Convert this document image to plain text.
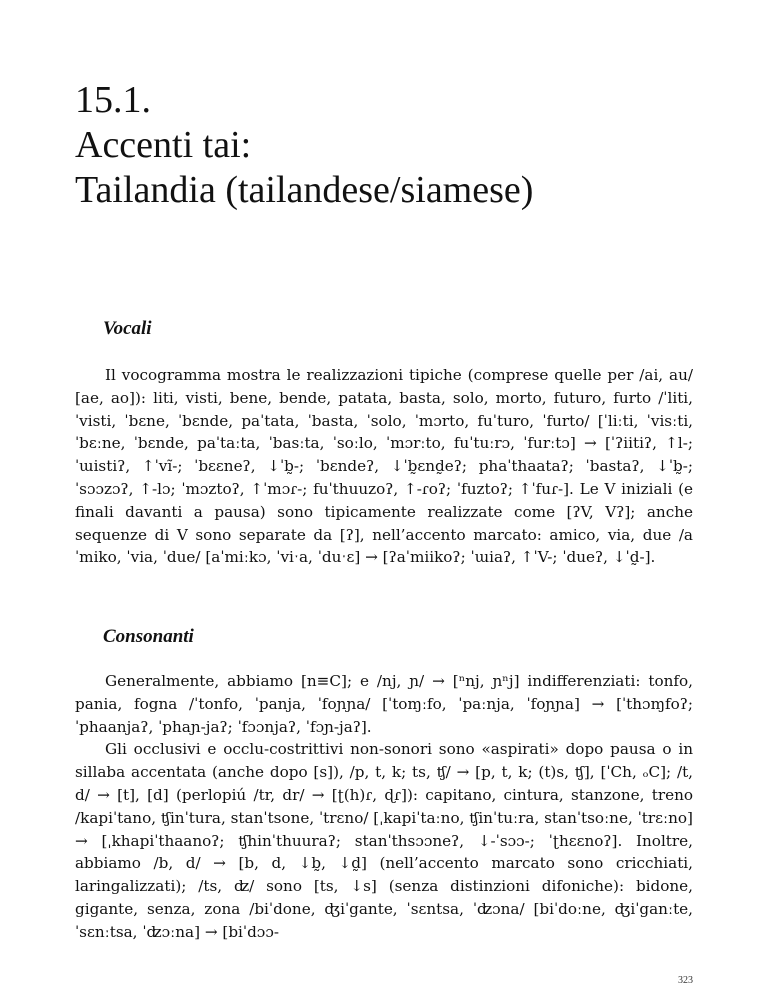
15.1.
Accenti tai:
Tailandia (tailandese/siamese)
Vocali

Il vocogramma mostra le realizzazioni tipiche (comprese quelle per /ai, au/ [ae, ao]): liti, visti, bene, bende, patata, basta, solo, morto, futuro, furto /ˈliti, ˈvisti, ˈbɛne, ˈbɛnde, paˈtata, ˈbasta, ˈsolo, ˈmɔrto, fuˈturo, ˈfurto/ [ˈliːti, ˈvisːti, ˈbɛːne, ˈbɛnde, paˈtaːta, ˈbasːta, ˈsoːlo, ˈmɔrːto, fuˈtuːrɔ, ˈfurːtɔ] → [ˈʔiitiʔ, ↑l-; ˈɯistiʔ, ↑ˈvĩ-; ˈbɛɛneʔ, ↓ˈb̰-; ˈbɛndeʔ, ↓ˈb̰ɛnd̰eʔ; phaˈthaataʔ; ˈbastaʔ, ↓ˈb̰-; ˈsɔɔzɔʔ, ↑-lɔ; ˈmɔztoʔ, ↑ˈmɔɾ-; fuˈthuuzoʔ, ↑-ɾoʔ; ˈfuztoʔ; ↑ˈfuɾ-]. Le V iniziali (e finali davanti a pausa) sono tipicamente realizzate come [ʔV, Vʔ]; anche sequenze di V sono separate da [ʔ], nell’accento marcato: amico, via, due /aˈmiko, ˈvia, ˈdue/ [aˈmiːkɔ, ˈviˑa, ˈduˑɛ] → [ʔaˈmiikoʔ; ˈɯiaʔ, ↑ˈV-; ˈdueʔ, ↓ˈd̰-].

Consonanti

Generalmente, abbiamo [n≡C]; e /nj, ɲ/ → [ⁿnj, ɲⁿj] indifferenziati: tonfo, pania, fogna /ˈtonfo, ˈpanja, ˈfoɲɲa/ [ˈtoɱːfo, ˈpaːnja, ˈfoɲɲa] → [ˈthɔɱfoʔ; ˈphaanjaʔ, ˈphaɲ-jaʔ; ˈfɔɔnjaʔ, ˈfɔɲ-jaʔ].

Gli occlusivi e occlu-costrittivi non-sonori sono «aspirati» dopo pausa o in sillaba accentata (anche dopo [s]), /p, t, k; ts, ʧ/ → [p, t, k; (t)s, ʧ], [ˈCh, ₒC]; /t, d/ → [t], [d] (perlopiú /tr, dr/ → [ʈ(h)ɾ, ɖɾ]): capitano, cintura, stanzone, treno /kapiˈtano, ʧinˈtura, stanˈtsone, ˈtrɛno/ [ˌkapiˈtaːno, ʧinˈtuːra, stanˈtsoːne, ˈtrɛːno] → [ˌkhapiˈthaanoʔ; ʧhinˈthuuraʔ; stanˈthsɔɔneʔ, ↓-ˈsɔɔ-; ˈʈhɛɛnoʔ]. Inoltre, abbiamo /b, d/ → [b, d, ↓b̰, ↓d̰] (nell’accento marcato sono cricchiati, laringalizzati); /ts, ʣ/ sono [ts, ↓s] (senza distinzioni difoniche): bidone, gigante, senza, zona /biˈdone, ʤiˈgante, ˈsɛntsa, ˈʣɔna/ [biˈdoːne, ʤiˈganːte, ˈsɛnːtsa, ˈʣɔːna] → [biˈdɔɔ-

323
